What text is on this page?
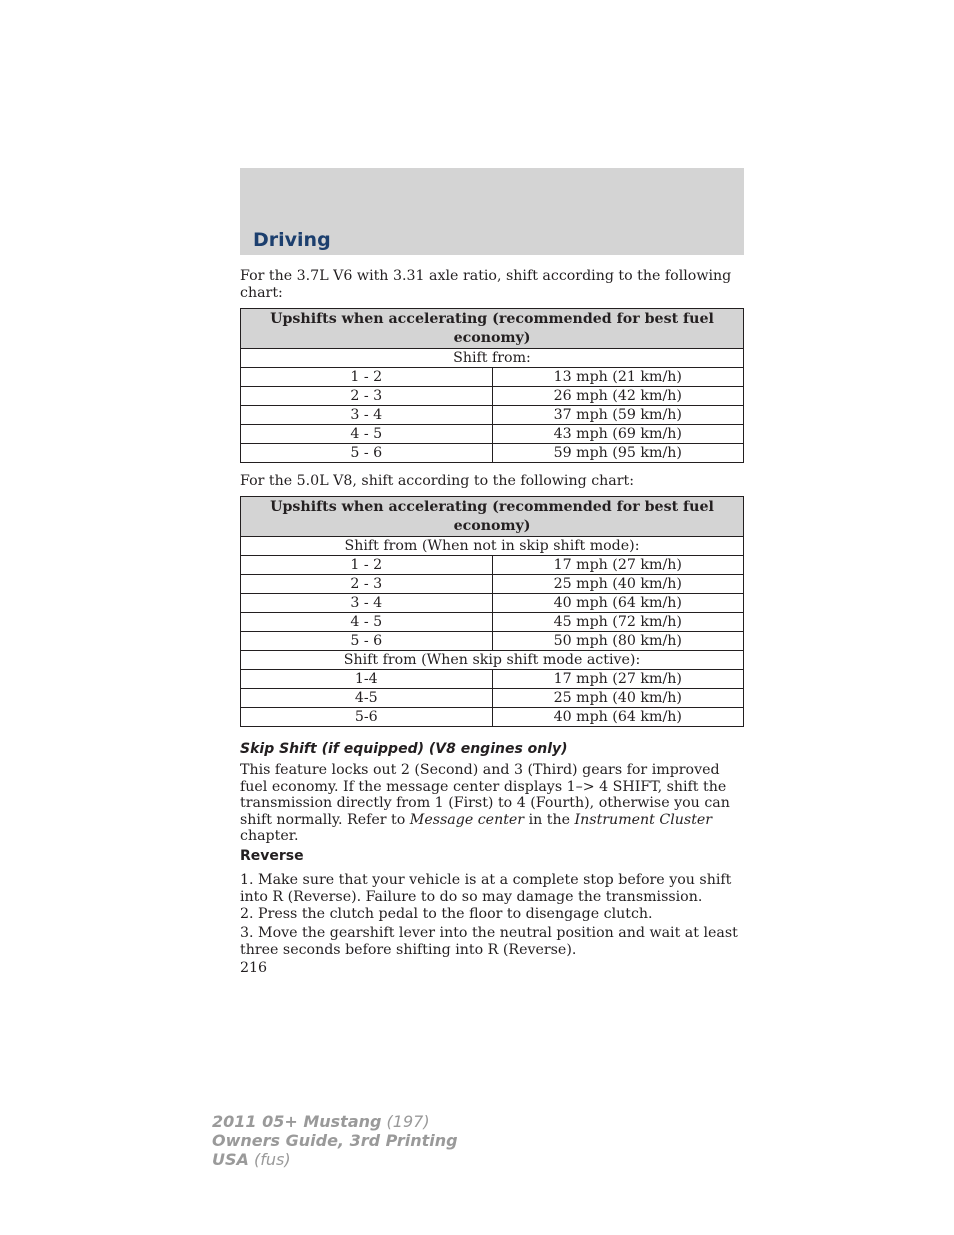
Driving

For the 3.7L V6 with 3.31 axle ratio, shift according to the following chart:

Upshifts when accelerating (recommended for best fuel economy)	
Shift from:	
1 - 2	13 mph (21 km/h)
2 - 3	26 mph (42 km/h)
3 - 4	37 mph (59 km/h)
4 - 5	43 mph (69 km/h)
5 - 6	59 mph (95 km/h)

For the 5.0L V8, shift according to the following chart:

Upshifts when accelerating (recommended for best fuel economy)	
Shift from (When not in skip shift mode):	
1 - 2	17 mph (27 km/h)
2 - 3	25 mph (40 km/h)
3 - 4	40 mph (64 km/h)
4 - 5	45 mph (72 km/h)
5 - 6	50 mph (80 km/h)
Shift from (When skip shift mode active):	
1-4	17 mph (27 km/h)
4-5	25 mph (40 km/h)
5-6	40 mph (64 km/h)
Skip Shift (if equipped) (V8 engines only)

This feature locks out 2 (Second) and 3 (Third) gears for improved fuel economy. If the message center displays 1–> 4 SHIFT, shift the transmission directly from 1 (First) to 4 (Fourth), otherwise you can shift normally. Refer to Message center in the Instrument Cluster chapter.

Reverse

1. Make sure that your vehicle is at a complete stop before you shift into R (Reverse). Failure to do so may damage the transmission.

2. Press the clutch pedal to the floor to disengage clutch.

3. Move the gearshift lever into the neutral position and wait at least three seconds before shifting into R (Reverse).

216

2011 05+ Mustang (197)
Owners Guide, 3rd Printing
USA (fus)
